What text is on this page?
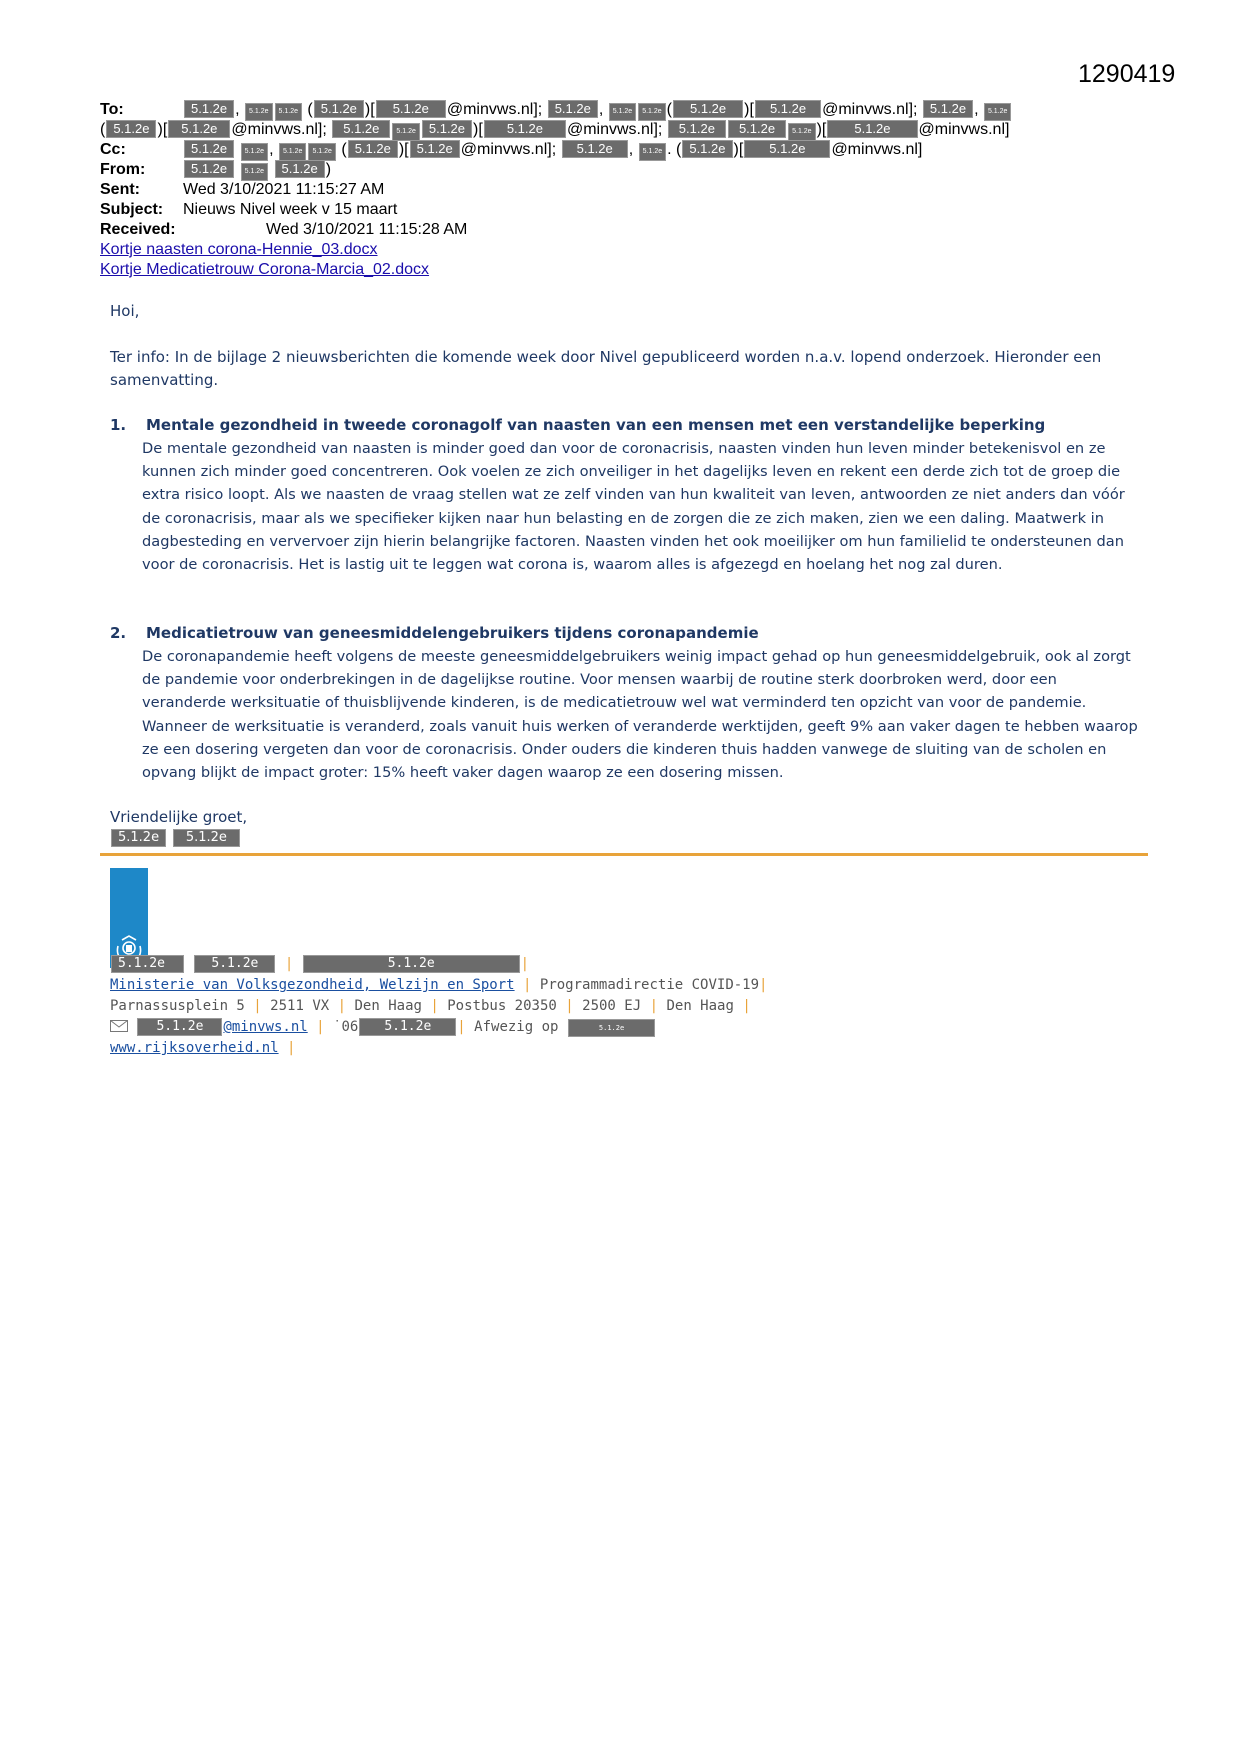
1290419
To:	5.1.2e , 5.1.2e 5.1.2e ( 5.1.2e )[ 5.1.2e @minvws.nl]; 5.1.2e , 5.1.2e 5.1.2e ( 5.1.2e )[ 5.1.2e @minvws.nl]; 5.1.2e , 5.1.2e
( 5.1.2e )[ 5.1.2e @minvws.nl]; 5.1.2e 5.1.2e 5.1.2e )[ 5.1.2e @minvws.nl]; 5.1.2e 5.1.2e 5.1.2e )[ 5.1.2e @minvws.nl]
Cc:	5.1.2e 5.1.2e , 5.1.2e 5.1.2e ( 5.1.2e )[ 5.1.2e @minvws.nl]; 5.1.2e , 5.1.2e . ( 5.1.2e )[ 5.1.2e @minvws.nl]
From:	5.1.2e 5.1.2e 5.1.2e )
Sent:	Wed 3/10/2021 11:15:27 AM
Subject: Nieuws Nivel week v 15 maart
Received:	Wed 3/10/2021 11:15:28 AM
Kortje naasten corona-Hennie_03.docx
Kortje Medicatietrouw Corona-Marcia_02.docx
Hoi,
Ter info: In de bijlage 2 nieuwsberichten die komende week door Nivel gepubliceerd worden n.a.v. lopend onderzoek. Hieronder een samenvatting.
1. Mentale gezondheid in tweede coronagolf van naasten van een mensen met een verstandelijke beperking
De mentale gezondheid van naasten is minder goed dan voor de coronacrisis, naasten vinden hun leven minder betekenisvol en ze kunnen zich minder goed concentreren. Ook voelen ze zich onveiliger in het dagelijks leven en rekent een derde zich tot de groep die extra risico loopt. Als we naasten de vraag stellen wat ze zelf vinden van hun kwaliteit van leven, antwoorden ze niet anders dan vóór de coronacrisis, maar als we specifieker kijken naar hun belasting en de zorgen die ze zich maken, zien we een daling. Maatwerk in dagbesteding en ververvoer zijn hierin belangrijke factoren. Naasten vinden het ook moeilijker om hun familielid te ondersteunen dan voor de coronacrisis. Het is lastig uit te leggen wat corona is, waarom alles is afgezegd en hoelang het nog zal duren.
2. Medicatietrouw van geneesmiddelengebruikers tijdens coronapandemie
De coronapandemie heeft volgens de meeste geneesmiddelgebruikers weinig impact gehad op hun geneesmiddelgebruik, ook al zorgt de pandemie voor onderbrekingen in de dagelijkse routine. Voor mensen waarbij de routine sterk doorbroken werd, door een veranderde werksituatie of thuisblijvende kinderen, is de medicatietrouw wel wat verminderd ten opzicht van voor de pandemie. Wanneer de werksituatie is veranderd, zoals vanuit huis werken of veranderde werktijden, geeft 9% aan vaker dagen te hebben waarop ze een dosering vergeten dan voor de coronacrisis. Onder ouders die kinderen thuis hadden vanwege de sluiting van de scholen en opvang blijkt de impact groter: 15% heeft vaker dagen waarop ze een dosering missen.
Vriendelijke groet,
5.1.2e 5.1.2e
5.1.2e	5.1.2e |	5.1.2e	|
Ministerie van Volksgezondheid, Welzijn en Sport | Programmadirectie COVID-19|
Parnassusplein 5 | 2511 VX | Den Haag | Postbus 20350 | 2500 EJ | Den Haag |
5.1.2e @minvws.nl | ˙06 5.1.2e | Afwezig op	5.1.2e
www.rijksoverheid.nl |
